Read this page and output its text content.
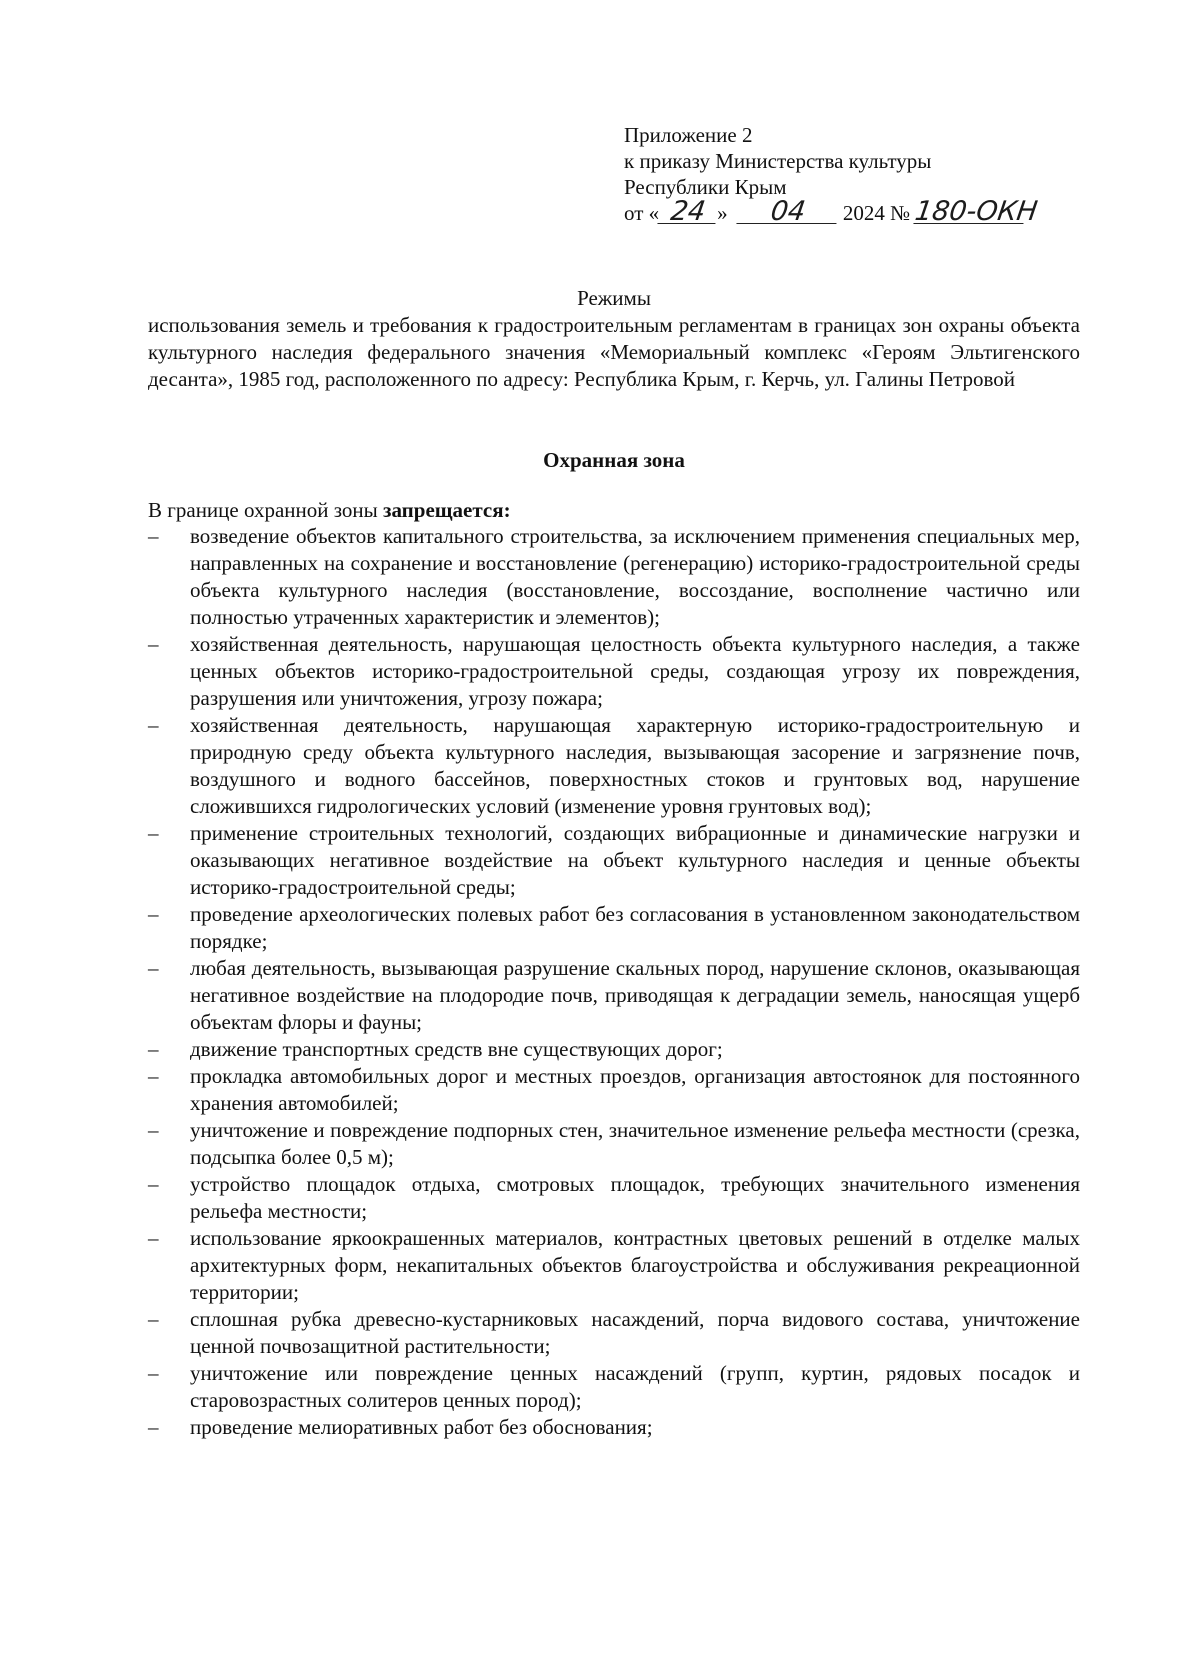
Приложение 2
к приказу Министерства культуры
Республики Крым
от « 24 » 04 2024 № 180-ОКН
Режимы
использования земель и требования к градостроительным регламентам в границах зон охраны объекта культурного наследия федерального значения «Мемориальный комплекс «Героям Эльтигенского десанта», 1985 год, расположенного по адресу: Республика Крым, г. Керчь, ул. Галины Петровой
Охранная зона
В границе охранной зоны запрещается:
–	возведение объектов капитального строительства, за исключением применения специальных мер, направленных на сохранение и восстановление (регенерацию) историко-градостроительной среды объекта культурного наследия (восстановление, воссоздание, восполнение частично или полностью утраченных характеристик и элементов);
–	хозяйственная деятельность, нарушающая целостность объекта культурного наследия, а также ценных объектов историко-градостроительной среды, создающая угрозу их повреждения, разрушения или уничтожения, угрозу пожара;
–	хозяйственная деятельность, нарушающая характерную историко-градостроительную и природную среду объекта культурного наследия, вызывающая засорение и загрязнение почв, воздушного и водного бассейнов, поверхностных стоков и грунтовых вод, нарушение сложившихся гидрологических условий (изменение уровня грунтовых вод);
–	применение строительных технологий, создающих вибрационные и динамические нагрузки и оказывающих негативное воздействие на объект культурного наследия и ценные объекты историко-градостроительной среды;
–	проведение археологических полевых работ без согласования в установленном законодательством порядке;
–	любая деятельность, вызывающая разрушение скальных пород, нарушение склонов, оказывающая негативное воздействие на плодородие почв, приводящая к деградации земель, наносящая ущерб объектам флоры и фауны;
–	движение транспортных средств вне существующих дорог;
–	прокладка автомобильных дорог и местных проездов, организация автостоянок для постоянного хранения автомобилей;
–	уничтожение и повреждение подпорных стен, значительное изменение рельефа местности (срезка, подсыпка более 0,5 м);
–	устройство площадок отдыха, смотровых площадок, требующих значительного изменения рельефа местности;
–	использование яркоокрашенных материалов, контрастных цветовых решений в отделке малых архитектурных форм, некапитальных объектов благоустройства и обслуживания рекреационной территории;
–	сплошная рубка древесно-кустарниковых насаждений, порча видового состава, уничтожение ценной почвозащитной растительности;
–	уничтожение или повреждение ценных насаждений (групп, куртин, рядовых посадок и старовозрастных солитеров ценных пород);
–	проведение мелиоративных работ без обоснования;
